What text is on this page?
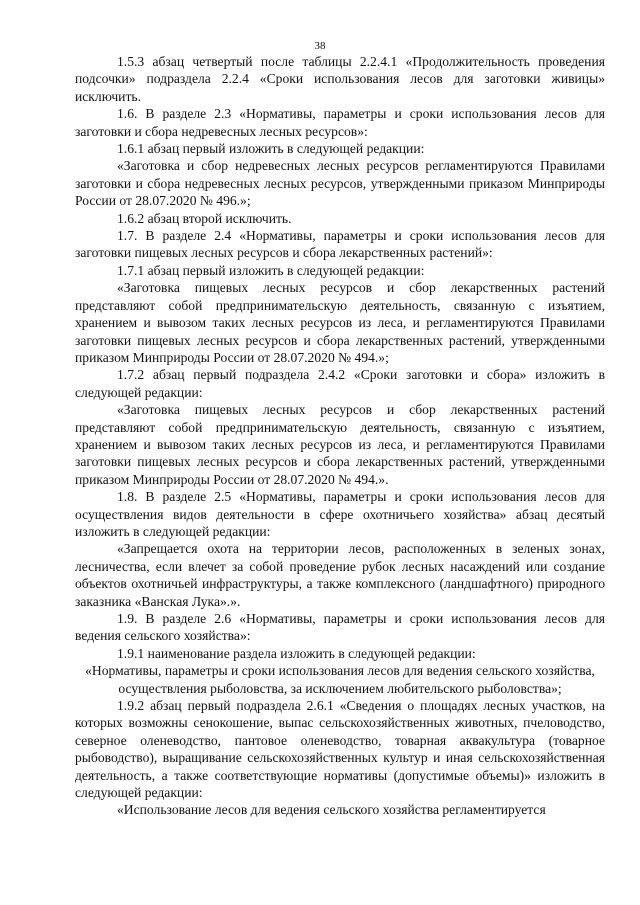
38

1.5.3 абзац четвертый после таблицы 2.2.4.1 «Продолжительность проведения подсочки» подраздела 2.2.4 «Сроки использования лесов для заготовки живицы» исключить.

1.6. В разделе 2.3 «Нормативы, параметры и сроки использования лесов для заготовки и сбора недревесных лесных ресурсов»:

1.6.1 абзац первый изложить в следующей редакции:

«Заготовка и сбор недревесных лесных ресурсов регламентируются Правилами заготовки и сбора недревесных лесных ресурсов, утвержденными приказом Минприроды России от 28.07.2020 № 496.»;

1.6.2 абзац второй исключить.

1.7. В разделе 2.4 «Нормативы, параметры и сроки использования лесов для заготовки пищевых лесных ресурсов и сбора лекарственных растений»:

1.7.1 абзац первый изложить в следующей редакции:

«Заготовка пищевых лесных ресурсов и сбор лекарственных растений представляют собой предпринимательскую деятельность, связанную с изъятием, хранением и вывозом таких лесных ресурсов из леса, и регламентируются Правилами заготовки пищевых лесных ресурсов и сбора лекарственных растений, утвержденными приказом Минприроды России от 28.07.2020 № 494.»;

1.7.2 абзац первый подраздела 2.4.2 «Сроки заготовки и сбора» изложить в следующей редакции:

«Заготовка пищевых лесных ресурсов и сбор лекарственных растений представляют собой предпринимательскую деятельность, связанную с изъятием, хранением и вывозом таких лесных ресурсов из леса, и регламентируются Правилами заготовки пищевых лесных ресурсов и сбора лекарственных растений, утвержденными приказом Минприроды России от 28.07.2020 № 494.».

1.8. В разделе 2.5 «Нормативы, параметры и сроки использования лесов для осуществления видов деятельности в сфере охотничьего хозяйства» абзац десятый изложить в следующей редакции:

«Запрещается охота на территории лесов, расположенных в зеленых зонах, лесничества, если влечет за собой проведение рубок лесных насаждений или создание объектов охотничьей инфраструктуры, а также комплексного (ландшафтного) природного заказника «Ванская Лука».».

1.9. В разделе 2.6 «Нормативы, параметры и сроки использования лесов для ведения сельского хозяйства»:

1.9.1 наименование раздела изложить в следующей редакции:

«Нормативы, параметры и сроки использования лесов для ведения сельского хозяйства, осуществления рыболовства, за исключением любительского рыболовства»;

1.9.2 абзац первый подраздела 2.6.1 «Сведения о площадях лесных участков, на которых возможны сенокошение, выпас сельскохозяйственных животных, пчеловодство, северное оленеводство, пантовое оленеводство, товарная аквакультура (товарное рыбоводство), выращивание сельскохозяйственных культур и иная сельскохозяйственная деятельность, а также соответствующие нормативы (допустимые объемы)» изложить в следующей редакции:

«Использование лесов для ведения сельского хозяйства регламентируется
